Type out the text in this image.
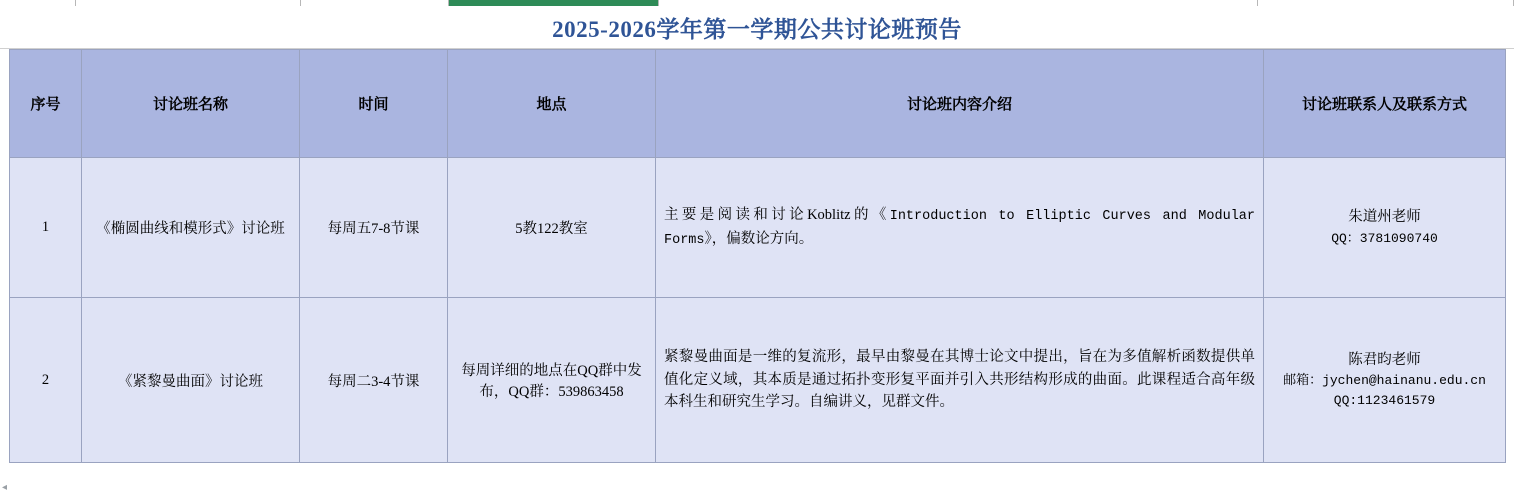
2025-2026学年第一学期公共讨论班预告
序号	讨论班名称	时间	地点	讨论班内容介绍	讨论班联系人及联系方式
1	《椭圆曲线和模形式》讨论班	每周五7-8节课	5教122教室	主要是阅读和讨论Koblitz的《Introduction to Elliptic Curves and Modular Forms》，偏数论方向。	朱道州老师
QQ：3781090740

2	《紧黎曼曲面》讨论班	每周二3-4节课	每周详细的地点在QQ群中发布，QQ群：539863458	紧黎曼曲面是一维的复流形，最早由黎曼在其博士论文中提出，旨在为多值解析函数提供单值化定义域，其本质是通过拓扑变形复平面并引入共形结构形成的曲面。此课程适合高年级本科生和研究生学习。自编讲义，见群文件。	陈君昀老师
邮箱：jychen@hainanu.edu.cn
QQ:1123461579
◂
